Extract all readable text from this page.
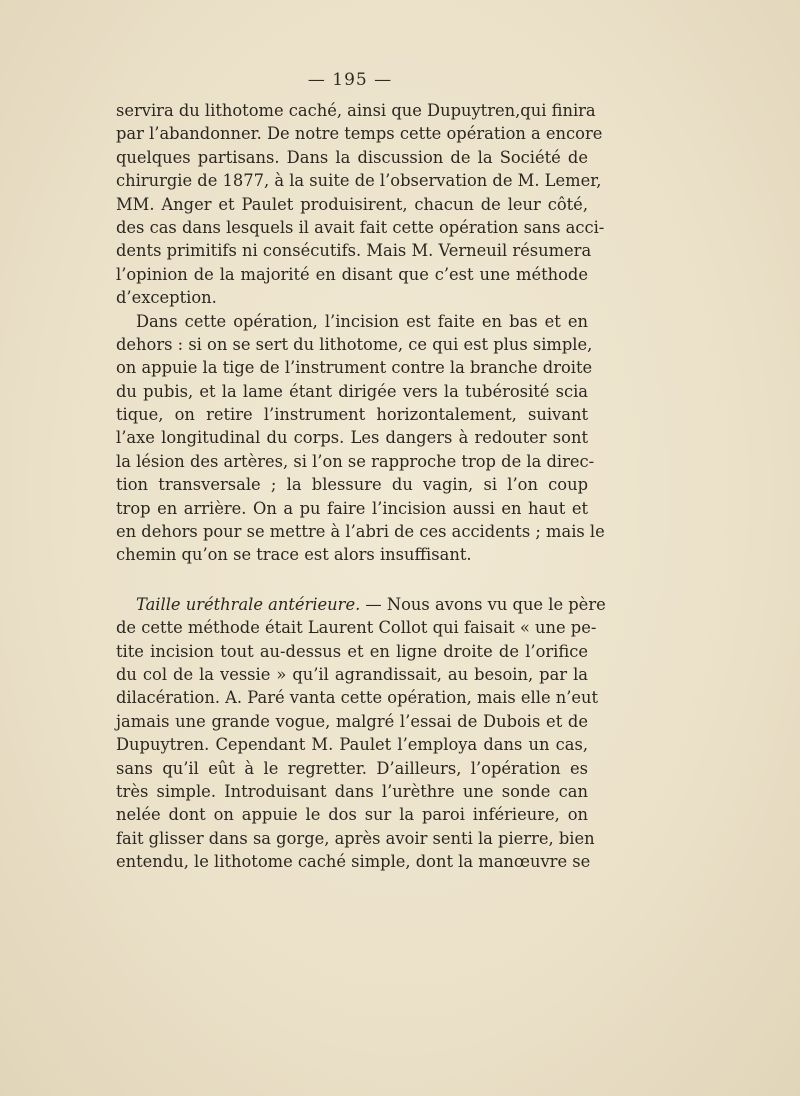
— 195 —
servira du lithotome caché, ainsi que Dupuytren,qui finira
par l’abandonner. De notre temps cette opération a encore
quelques partisans. Dans la discussion de la Société de
chirurgie de 1877, à la suite de l’observation de M. Lemer,
MM. Anger et Paulet produisirent, chacun de leur côté,
des cas dans lesquels il avait fait cette opération sans acci-
dents primitifs ni consécutifs. Mais M. Verneuil résumera
l’opinion de la majorité en disant que c’est une méthode
d’exception.
Dans cette opération, l’incision est faite en bas et en
dehors : si on se sert du lithotome, ce qui est plus simple,
on appuie la tige de l’instrument contre la branche droite
du pubis, et la lame étant dirigée vers la tubérosité scia
tique, on retire l’instrument horizontalement, suivant
l’axe longitudinal du corps. Les dangers à redouter sont
la lésion des artères, si l’on se rapproche trop de la direc-
tion transversale ; la blessure du vagin, si l’on coup
trop en arrière. On a pu faire l’incision aussi en haut et
en dehors pour se mettre à l’abri de ces accidents ; mais le
chemin qu’on se trace est alors insuffisant.
Taille uréthrale antérieure. — Nous avons vu que le père
de cette méthode était Laurent Collot qui faisait « une pe-
tite incision tout au-dessus et en ligne droite de l’orifice
du col de la vessie » qu’il agrandissait, au besoin, par la
dilacération. A. Paré vanta cette opération, mais elle n’eut
jamais une grande vogue, malgré l’essai de Dubois et de
Dupuytren. Cependant M. Paulet l’employa dans un cas,
sans qu’il eût à le regretter. D’ailleurs, l’opération es
très simple. Introduisant dans l’urèthre une sonde can
nelée dont on appuie le dos sur la paroi inférieure, on
fait glisser dans sa gorge, après avoir senti la pierre, bien
entendu, le lithotome caché simple, dont la manœuvre se
